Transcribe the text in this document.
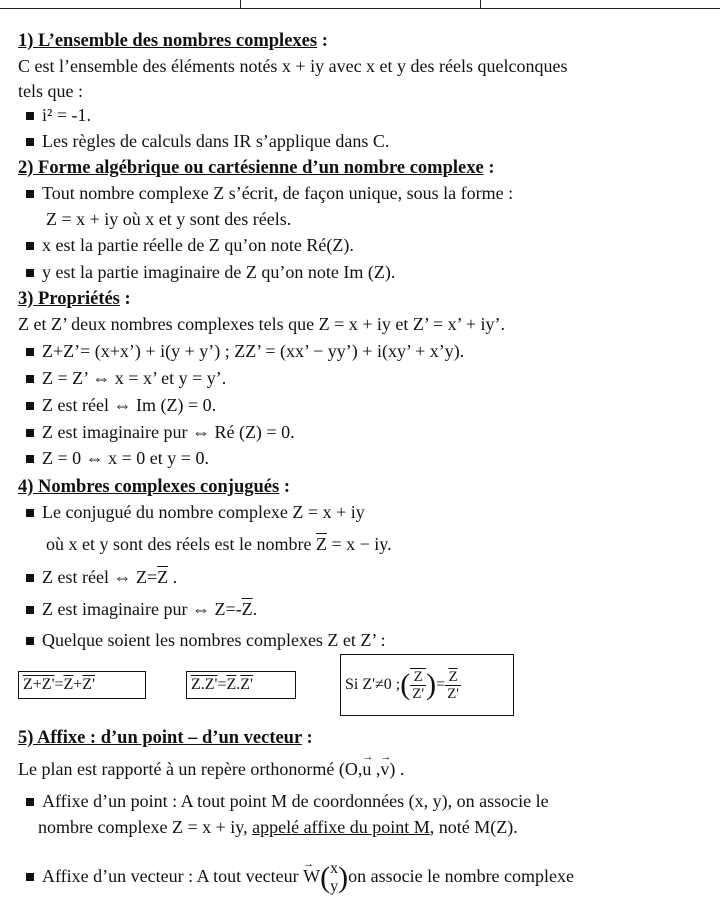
1) L’ensemble des nombres complexes :
C est l’ensemble des éléments notés x + iy avec x et y des réels quelconques
tels que :
i² = -1.
Les règles de calculs dans IR s’applique dans C.
2) Forme algébrique ou cartésienne d’un nombre complexe :
Tout nombre complexe Z s’écrit, de façon unique, sous la forme :
Z = x + iy où x et y sont des réels.
x est la partie réelle de Z qu’on note Ré(Z).
y est la partie imaginaire de Z qu’on note Im (Z).
3) Propriétés :
Z et Z’ deux nombres complexes tels que Z = x + iy et Z’ = x’ + iy’.
Z+Z’= (x+x’) + i(y + y’) ; ZZ’ = (xx’ − yy’) + i(xy’ + x’y).
Z = Z’ ⇔ x = x’ et y = y’.
Z est réel ⇔ Im (Z) = 0.
Z est imaginaire pur ⇔ Ré (Z) = 0.
Z = 0 ⇔ x = 0 et y = 0.
4) Nombres complexes conjugués :
Le conjugué du nombre complexe Z = x + iy
où x et y sont des réels est le nombre $\overline{Z} = x$ − iy.
Z est réel ⇔ $Z=\overline{Z}$ .
Z est imaginaire pur ⇔ $Z=-\overline{Z}$.
Quelque soient les nombres complexes Z et Z’ :
$Z+Z'=\overline{Z}+Z'$	$Z.Z'=\overline{Z}.Z'$	Si Z'≠0 ; ( $\frac{Z}{Z'}$ ) = $\frac{\overline{Z}}{Z'}$
5) Affixe : d’un point – d’un vecteur :
Le plan est rapporté à un repère orthonormé (O,→ u ,→ v) .
Affixe d’un point : A tout point M de coordonnées (x, y), on associe le
nombre complexe Z = x + iy, appelé affixe du point M, noté M(Z).
Affixe d’un vecteur : A tout vecteur → W( x
y )on associe le nombre complexe
